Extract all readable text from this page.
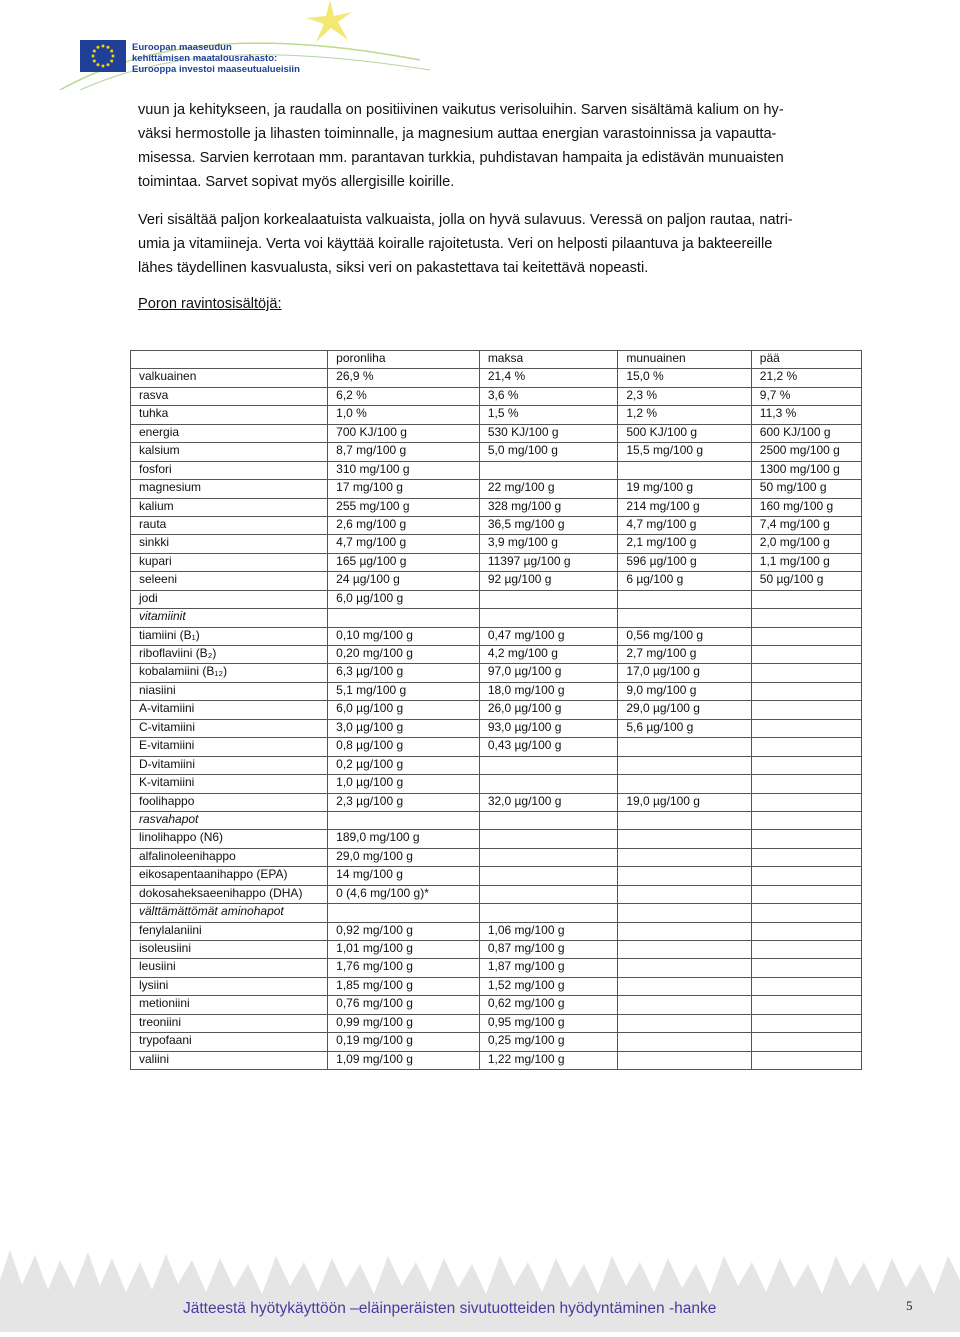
Euroopan maaseudun
kehittämisen maatalousrahasto:
Eurooppa investoi maaseutualueisiin

vuun ja kehitykseen, ja raudalla on positiivinen vaikutus verisoluihin. Sarven sisältämä kalium on hy-
väksi hermostolle ja lihasten toiminnalle, ja magnesium auttaa energian varastoinnissa ja vapautta-
misessa. Sarvien kerrotaan mm. parantavan turkkia, puhdistavan hampaita ja edistävän munuaisten
toimintaa. Sarvet sopivat myös allergisille koirille.

Veri sisältää paljon korkealaatuista valkuaista, jolla on hyvä sulavuus. Veressä on paljon rautaa, natri-
umia ja vitamiineja. Verta voi käyttää koiralle rajoitetusta. Veri on helposti pilaantuva ja bakteereille
lähes täydellinen kasvualusta, siksi veri on pakastettava tai keitettävä nopeasti.

Poron ravintosisältöjä:

	poronliha	maksa	munuainen	pää
valkuainen	26,9 %	21,4 %	15,0 %	21,2 %
rasva	6,2 %	3,6 %	2,3 %	9,7 %
tuhka	1,0 %	1,5 %	1,2 %	11,3 %
energia	700 KJ/100 g	530 KJ/100 g	500 KJ/100 g	600 KJ/100 g
kalsium	8,7 mg/100 g	5,0 mg/100 g	15,5 mg/100 g	2500 mg/100 g
fosfori	310 mg/100 g			1300 mg/100 g
magnesium	17 mg/100 g	22 mg/100 g	19 mg/100 g	50 mg/100 g
kalium	255 mg/100 g	328 mg/100 g	214 mg/100 g	160 mg/100 g
rauta	2,6 mg/100 g	36,5 mg/100 g	4,7 mg/100 g	7,4 mg/100 g
sinkki	4,7 mg/100 g	3,9 mg/100 g	2,1 mg/100 g	2,0 mg/100 g
kupari	165 µg/100 g	11397 µg/100 g	596 µg/100 g	1,1 mg/100 g
seleeni	24 µg/100 g	92 µg/100 g	6 µg/100 g	50 µg/100 g
jodi	6,0 µg/100 g			
vitamiinit				
tiamiini (B₁)	0,10 mg/100 g	0,47 mg/100 g	0,56 mg/100 g	
riboflaviini (B₂)	0,20 mg/100 g	4,2 mg/100 g	2,7 mg/100 g	
kobalamiini (B₁₂)	6,3 µg/100 g	97,0 µg/100 g	17,0 µg/100 g	
niasiini	5,1 mg/100 g	18,0 mg/100 g	9,0 mg/100 g	
A-vitamiini	6,0 µg/100 g	26,0 µg/100 g	29,0 µg/100 g	
C-vitamiini	3,0 µg/100 g	93,0 µg/100 g	5,6 µg/100 g	
E-vitamiini	0,8 µg/100 g	0,43 µg/100 g		
D-vitamiini	0,2 µg/100 g			
K-vitamiini	1,0 µg/100 g			
foolihappo	2,3 µg/100 g	32,0 µg/100 g	19,0 µg/100 g	
rasvahapot				
linolihappo (N6)	189,0 mg/100 g			
alfalinoleenihappo	29,0 mg/100 g			
eikosapentaanihappo (EPA)	14 mg/100 g			
dokosaheksaeenihappo (DHA)	0 (4,6 mg/100 g)*			
välttämättömät aminohapot				
fenylalaniini	0,92 mg/100 g	1,06 mg/100 g		
isoleusiini	1,01 mg/100 g	0,87 mg/100 g		
leusiini	1,76 mg/100 g	1,87 mg/100 g		
lysiini	1,85 mg/100 g	1,52 mg/100 g		
metioniini	0,76 mg/100 g	0,62 mg/100 g		
treoniini	0,99 mg/100 g	0,95 mg/100 g		
trypofaani	0,19 mg/100 g	0,25 mg/100 g		
valiini	1,09 mg/100 g	1,22 mg/100 g		
Jätteestä hyötykäyttöön –eläinperäisten sivutuotteiden hyödyntäminen -hanke	5
